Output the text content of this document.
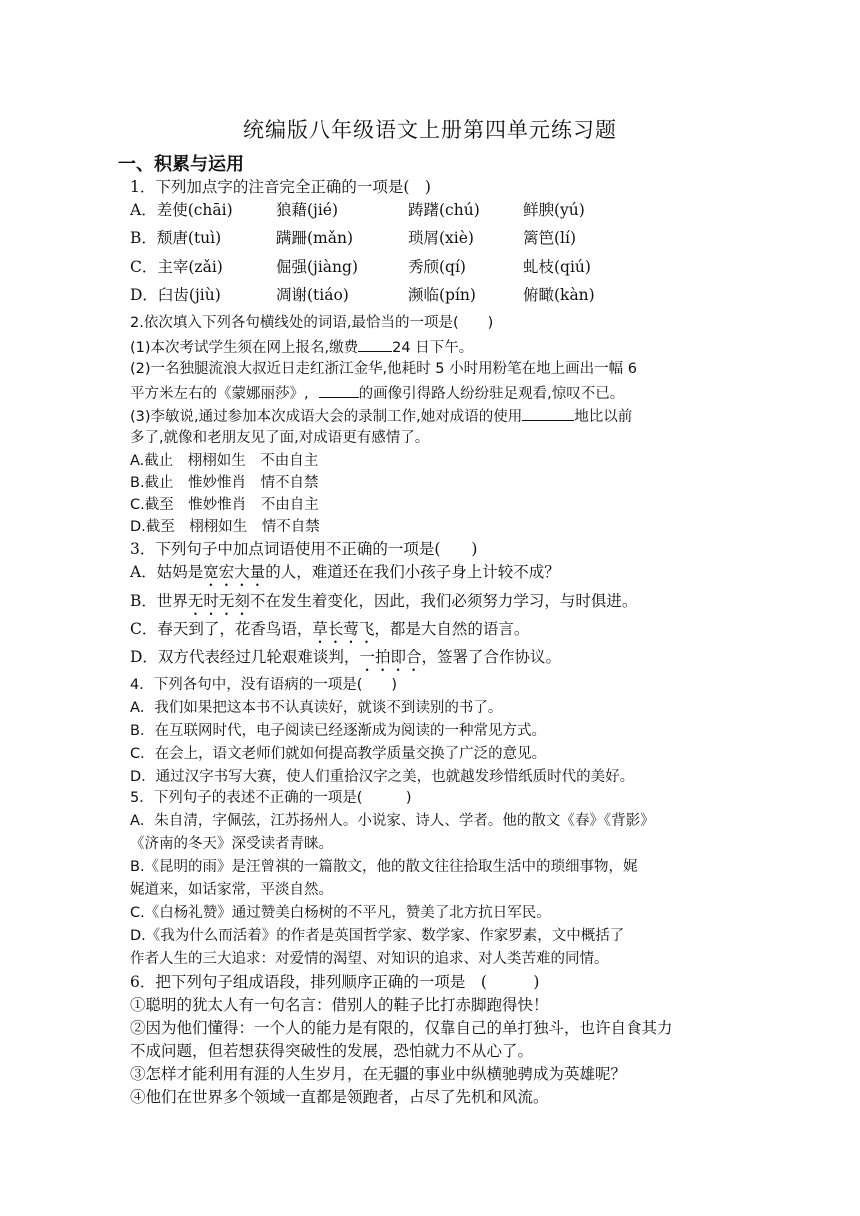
统编版八年级语文上册第四单元练习题
一、积累与运用
1．下列加点字的注音完全正确的一项是(　)
A．差使(chāi)	狼藉(jié)	踌躇(chú)	鲜腴(yú)
B．颓唐(tuì)	蹒跚(mǎn)	琐屑(xiè)	篱笆(lí)
C．主宰(zǎi)	倔强(jiàng)	秀颀(qí)	虬枝(qiú)
D．臼齿(jiù)	凋谢(tiáo)	濒临(pín)	俯瞰(kàn)
2.依次填入下列各句横线处的词语,最恰当的一项是(　　)
(1)本次考试学生须在网上报名,缴费 24 日下午。
(2)一名独腿流浪大叔近日走红浙江金华,他耗时 5 小时用粉笔在地上画出一幅 6
平方米左右的《蒙娜丽莎》,	的画像引得路人纷纷驻足观看,惊叹不已。
(3)李敏说,通过参加本次成语大会的录制工作,她对成语的使用	地比以前
多了,就像和老朋友见了面,对成语更有感情了。
A.截止　栩栩如生　不由自主
B.截止　惟妙惟肖　情不自禁
C.截至　惟妙惟肖　不由自主
D.截至　栩栩如生　情不自禁
3．下列句子中加点词语使用不正确的一项是(　　)
A．姑妈是宽宏大量的人，难道还在我们小孩子身上计较不成？
B．世界无时无刻不在发生着变化，因此，我们必须努力学习，与时俱进。
C．春天到了，花香鸟语，草长莺飞，都是大自然的语言。
D．双方代表经过几轮艰难谈判，一拍即合，签署了合作协议。
4．下列各句中，没有语病的一项是(　　)
A．我们如果把这本书不认真读好，就谈不到读别的书了。
B．在互联网时代，电子阅读已经逐渐成为阅读的一种常见方式。
C．在会上，语文老师们就如何提高教学质量交换了广泛的意见。
D．通过汉字书写大赛，使人们重拾汉字之美，也就越发珍惜纸质时代的美好。
5．下列句子的表述不正确的一项是(　　　)
A．朱自清，字佩弦，江苏扬州人。小说家、诗人、学者。他的散文《春》《背影》
《济南的冬天》深受读者青睐。
B.《昆明的雨》是汪曾祺的一篇散文，他的散文往往拾取生活中的琐细事物，娓
娓道来，如话家常，平淡自然。
C.《白杨礼赞》通过赞美白杨树的不平凡，赞美了北方抗日军民。
D.《我为什么而活着》的作者是英国哲学家、数学家、作家罗素，文中概括了
作者人生的三大追求：对爱情的渴望、对知识的追求、对人类苦难的同情。
6．把下列句子组成语段，排列顺序正确的一项是　(　　　)
①聪明的犹太人有一句名言：借别人的鞋子比打赤脚跑得快！
②因为他们懂得：一个人的能力是有限的，仅靠自己的单打独斗，也许自食其力
不成问题，但若想获得突破性的发展，恐怕就力不从心了。
③怎样才能利用有涯的人生岁月，在无疆的事业中纵横驰骋成为英雄呢？
④他们在世界多个领域一直都是领跑者，占尽了先机和风流。
